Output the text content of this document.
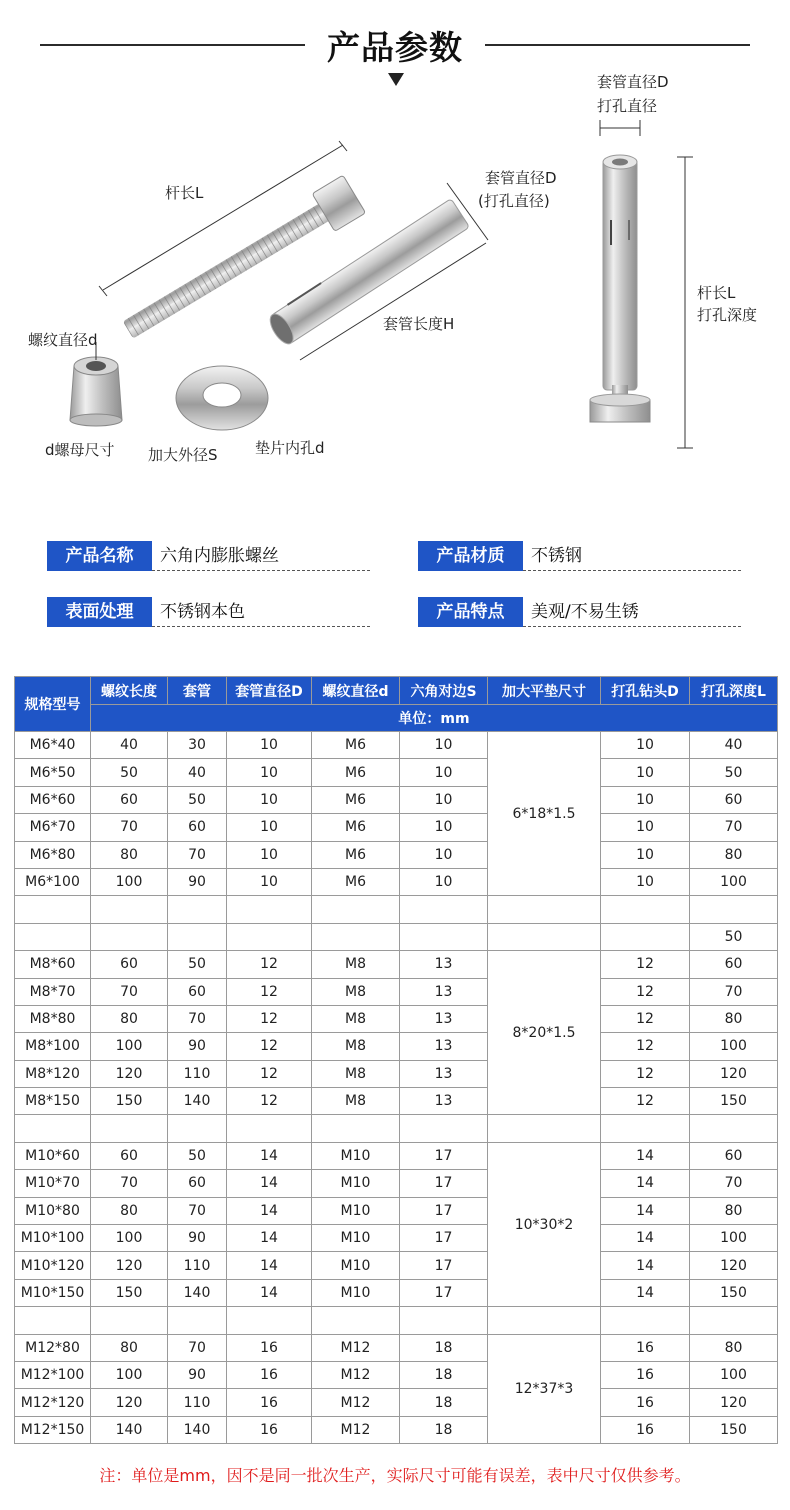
产品参数
杆长L
螺纹直径d
d螺母尺寸 加大外径S 垫片内孔d
套管直径D
(打孔直径)
套管长度H
套管直径D
打孔直径
杆长L
打孔深度
产品名称	六角内膨胀螺丝	产品材质	不锈钢
表面处理	不锈钢本色	产品特点	美观/不易生锈
规格型号	螺纹长度	套管	套管直径D	螺纹直径d	六角对边S	加大平垫尺寸	打孔钻头D	打孔深度L
	单位：mm							
M6*40	40	30	10	M6	10	6*18*1.5	10	40
M6*50	50	40	10	M6	10		10	50
M6*60	60	50	10	M6	10		10	60
M6*70	70	60	10	M6	10		10	70
M6*80	80	70	10	M6	10		10	80
M6*100	100	90	10	M6	10		10	100

								50
M8*60	60	50	12	M8	13	8*20*1.5	12	60
M8*70	70	60	12	M8	13		12	70
M8*80	80	70	12	M8	13		12	80
M8*100	100	90	12	M8	13		12	100
M8*120	120	110	12	M8	13		12	120
M8*150	150	140	12	M8	13		12	150

M10*60	60	50	14	M10	17	10*30*2	14	60
M10*70	70	60	14	M10	17		14	70
M10*80	80	70	14	M10	17		14	80
M10*100	100	90	14	M10	17		14	100
M10*120	120	110	14	M10	17		14	120
M10*150	150	140	14	M10	17		14	150

M12*80	80	70	16	M12	18	12*37*3	16	80
M12*100	100	90	16	M12	18		16	100
M12*120	120	110	16	M12	18		16	120
M12*150	140	140	16	M12	18		16	150
注：单位是mm，因不是同一批次生产，实际尺寸可能有误差，表中尺寸仅供参考。
